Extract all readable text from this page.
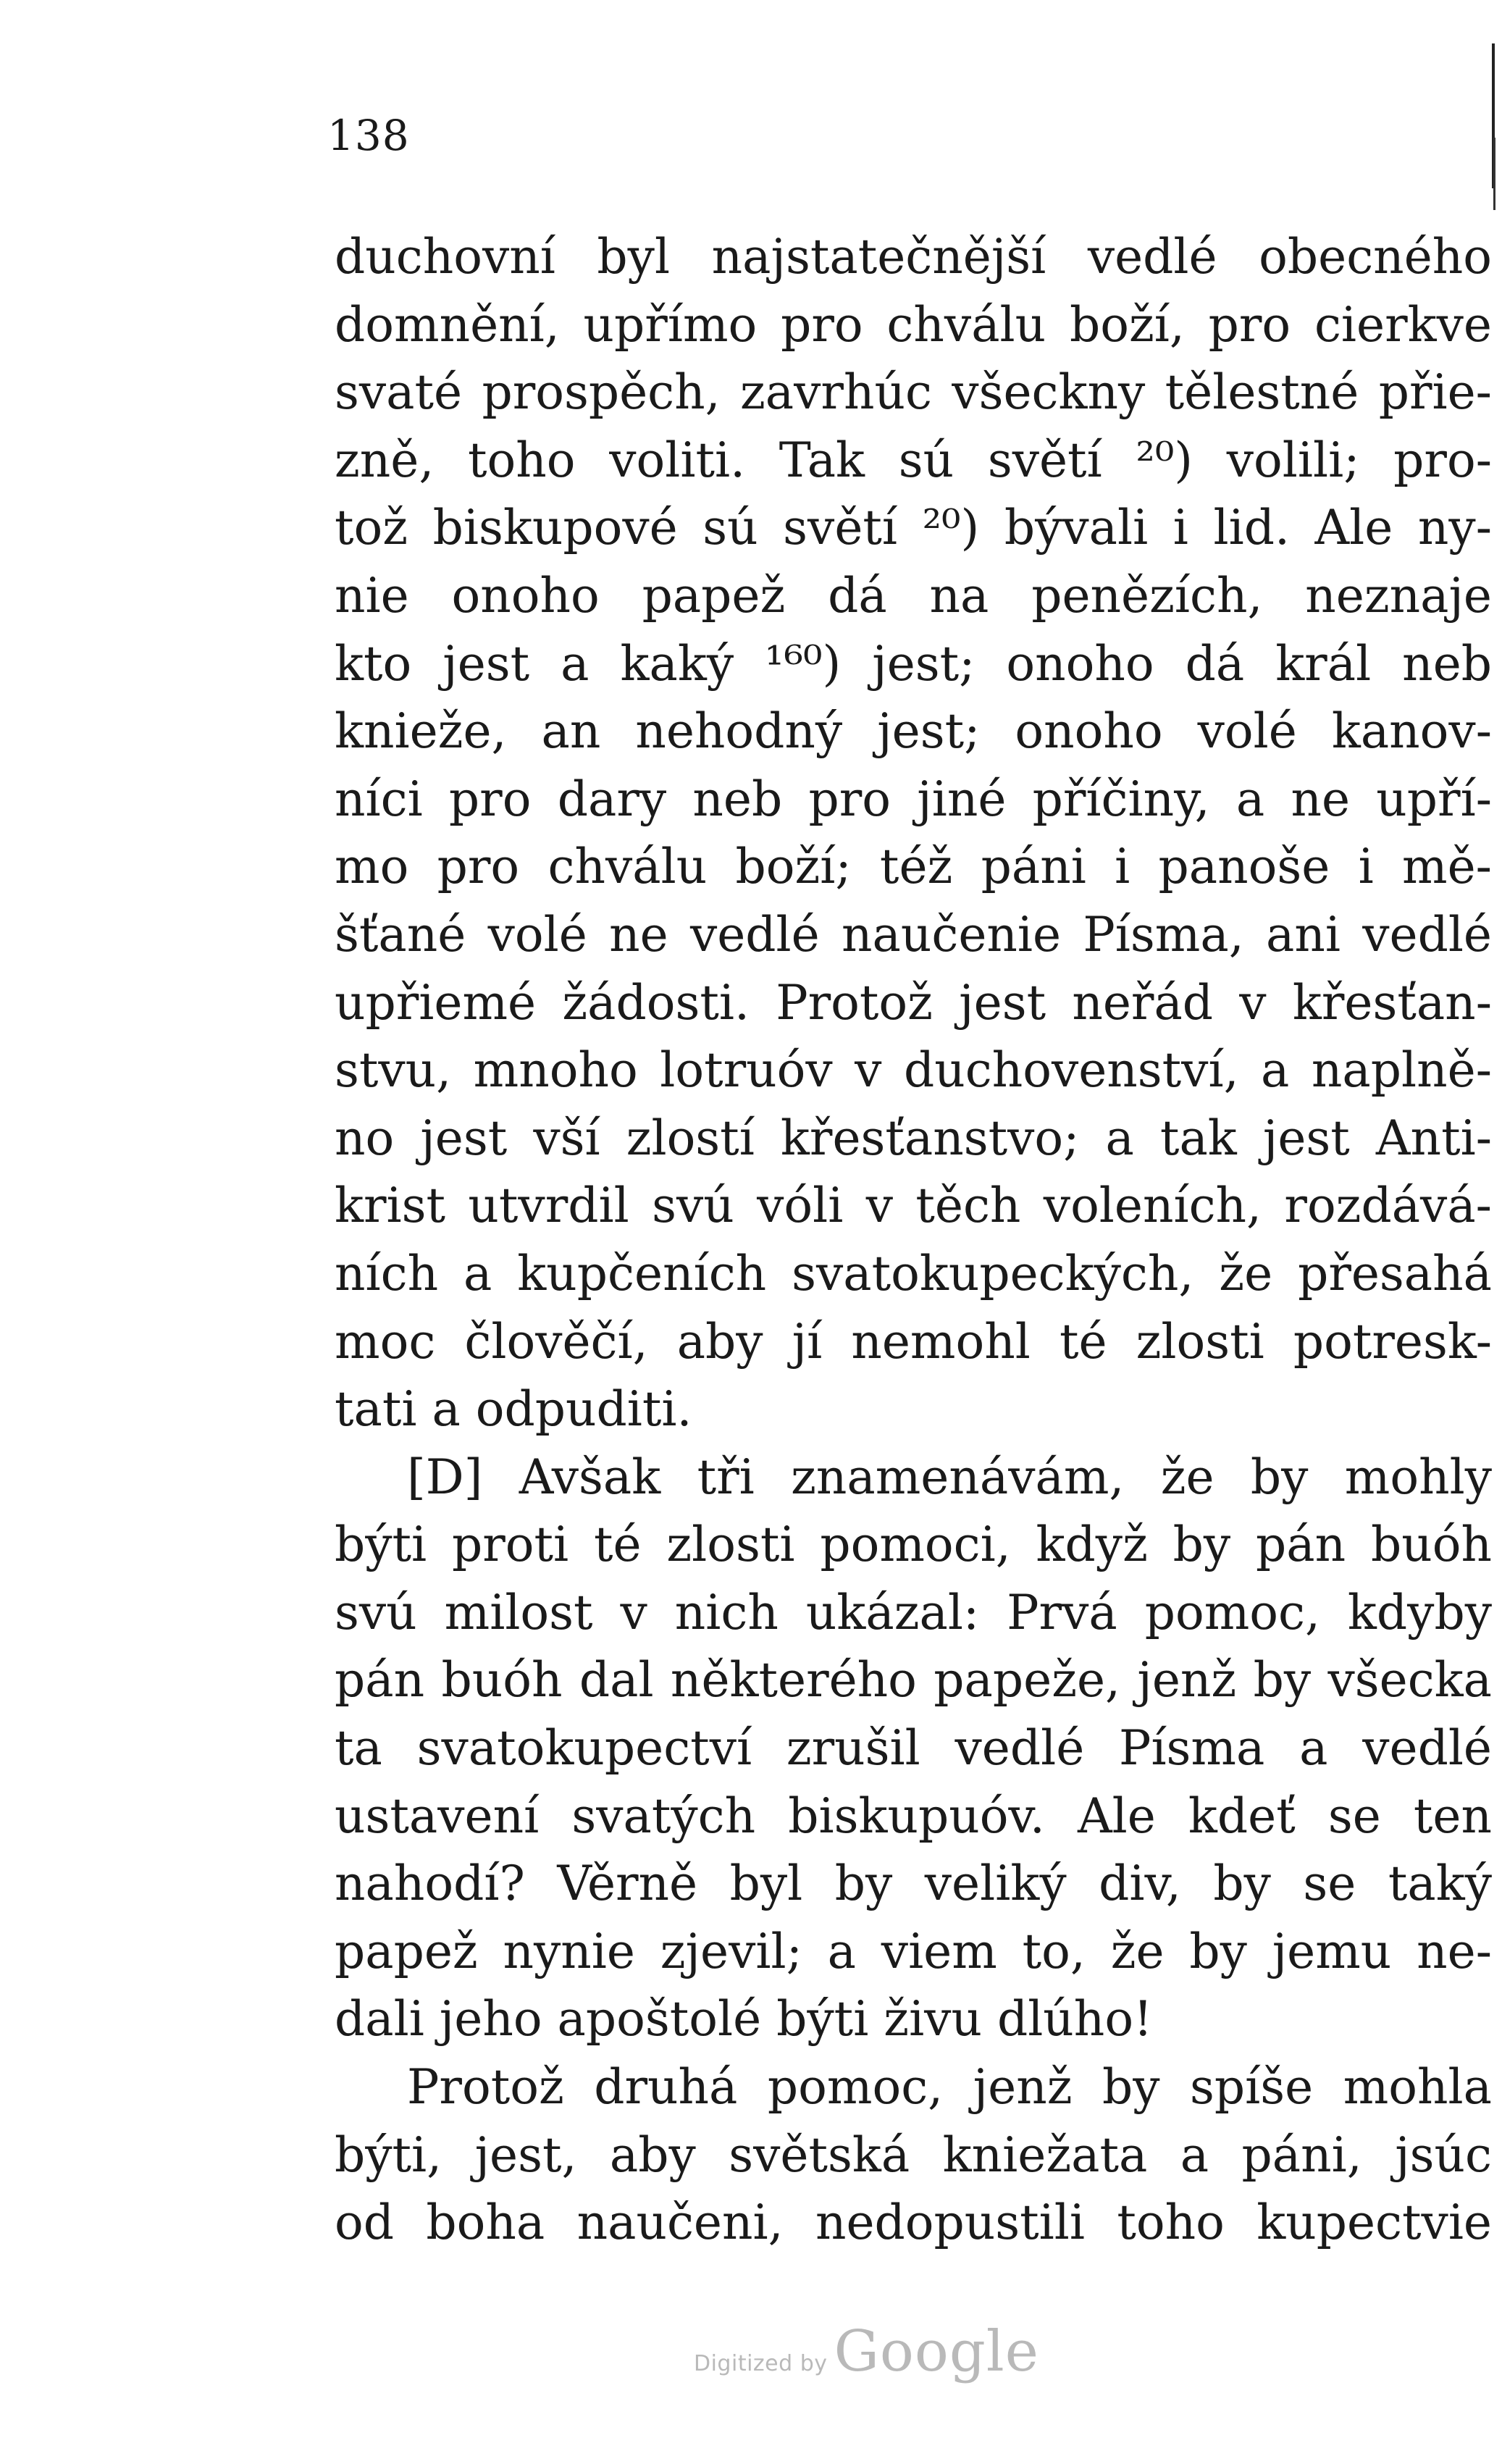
138
duchovní byl najstatečnější vedlé obecného
domnění, upřímo pro chválu boží, pro cierkve
svaté prospěch, zavrhúc všeckny tělestné přie-
zně, toho voliti. Tak sú světí ²⁰) volili; pro-
tož biskupové sú světí ²⁰) bývali i lid. Ale ny-
nie onoho papež dá na penězích, neznaje
kto jest a kaký ¹⁶⁰) jest; onoho dá král neb
knieže, an nehodný jest; onoho volé kanov-
níci pro dary neb pro jiné příčiny, a ne upří-
mo pro chválu boží; též páni i panoše i mě-
šťané volé ne vedlé naučenie Písma, ani vedlé
upřiemé žádosti. Protož jest neřád v křesťan-
stvu, mnoho lotruóv v duchovenství, a naplně-
no jest vší zlostí křesťanstvo; a tak jest Anti-
krist utvrdil svú vóli v těch voleních, rozdává-
ních a kupčeních svatokupeckých, že přesahá
moc člověčí, aby jí nemohl té zlosti potresk-
tati a odpuditi.
[D] Avšak tři znamenávám, že by mohly
býti proti té zlosti pomoci, když by pán buóh
svú milost v nich ukázal: Prvá pomoc, kdyby
pán buóh dal některého papeže, jenž by všecka
ta svatokupectví zrušil vedlé Písma a vedlé
ustavení svatých biskupuóv. Ale kdeť se ten
nahodí? Věrně byl by veliký div, by se taký
papež nynie zjevil; a viem to, že by jemu ne-
dali jeho apoštolé býti živu dlúho!
Protož druhá pomoc, jenž by spíše mohla
býti, jest, aby světská kniežata a páni, jsúc
od boha naučeni, nedopustili toho kupectvie
Digitized by Google
